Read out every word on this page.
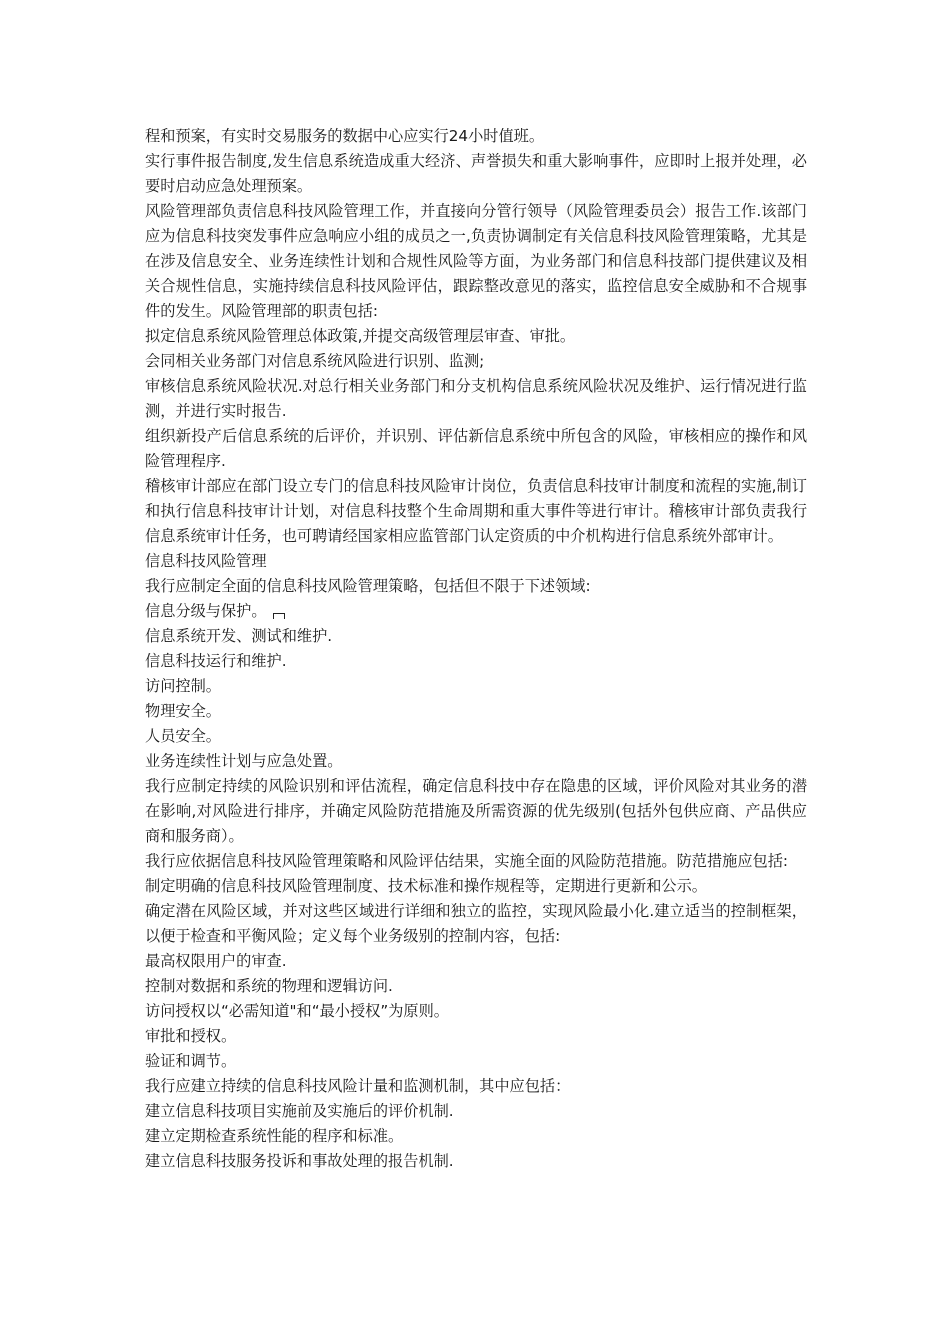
程和预案，有实时交易服务的数据中心应实行24小时值班。

实行事件报告制度,发生信息系统造成重大经济、声誉损失和重大影响事件，应即时上报并处理，必要时启动应急处理预案。

风险管理部负责信息科技风险管理工作，并直接向分管行领导（风险管理委员会）报告工作.该部门应为信息科技突发事件应急响应小组的成员之一,负责协调制定有关信息科技风险管理策略，尤其是在涉及信息安全、业务连续性计划和合规性风险等方面，为业务部门和信息科技部门提供建议及相关合规性信息，实施持续信息科技风险评估，跟踪整改意见的落实，监控信息安全威胁和不合规事件的发生。风险管理部的职责包括:

拟定信息系统风险管理总体政策,并提交高级管理层审查、审批。

会同相关业务部门对信息系统风险进行识别、监测;

审核信息系统风险状况.对总行相关业务部门和分支机构信息系统风险状况及维护、运行情况进行监测，并进行实时报告.

组织新投产后信息系统的后评价，并识别、评估新信息系统中所包含的风险，审核相应的操作和风险管理程序.

稽核审计部应在部门设立专门的信息科技风险审计岗位，负责信息科技审计制度和流程的实施,制订和执行信息科技审计计划，对信息科技整个生命周期和重大事件等进行审计。稽核审计部负责我行信息系统审计任务，也可聘请经国家相应监管部门认定资质的中介机构进行信息系统外部审计。

信息科技风险管理

我行应制定全面的信息科技风险管理策略，包括但不限于下述领域:

信息分级与保护。

信息系统开发、测试和维护.

信息科技运行和维护.

访问控制。

物理安全。

人员安全。

业务连续性计划与应急处置。

我行应制定持续的风险识别和评估流程，确定信息科技中存在隐患的区域，评价风险对其业务的潜在影响,对风险进行排序，并确定风险防范措施及所需资源的优先级别(包括外包供应商、产品供应商和服务商）。

我行应依据信息科技风险管理策略和风险评估结果，实施全面的风险防范措施。防范措施应包括:

制定明确的信息科技风险管理制度、技术标准和操作规程等，定期进行更新和公示。

确定潜在风险区域，并对这些区域进行详细和独立的监控，实现风险最小化.建立适当的控制框架，以便于检查和平衡风险；定义每个业务级别的控制内容，包括:

最高权限用户的审查.

控制对数据和系统的物理和逻辑访问.

访问授权以“必需知道"和“最小授权”为原则。

审批和授权。

验证和调节。

我行应建立持续的信息科技风险计量和监测机制，其中应包括：

建立信息科技项目实施前及实施后的评价机制.

建立定期检查系统性能的程序和标准。

建立信息科技服务投诉和事故处理的报告机制.
